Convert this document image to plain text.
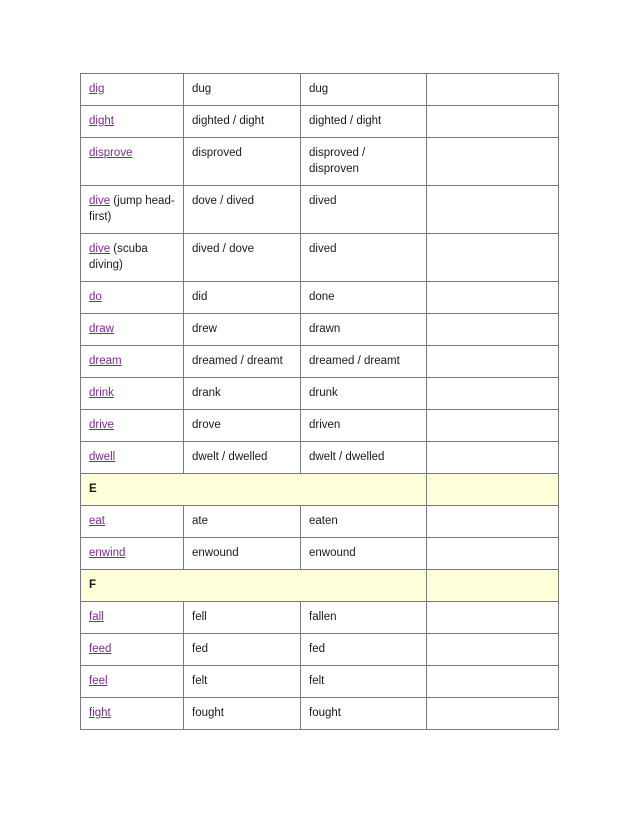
dig	dug	dug	
dight	dighted / dight	dighted / dight	
disprove	disproved	disproved / disproven	
dive (jump head-first)	dove / dived	dived	
dive (scuba diving)	dived / dove	dived	
do	did	done	
draw	drew	drawn	
dream	dreamed / dreamt	dreamed / dreamt	
drink	drank	drunk	
drive	drove	driven	
dwell	dwelt / dwelled	dwelt / dwelled	
E			
eat	ate	eaten	
enwind	enwound	enwound	
F			
fall	fell	fallen	
feed	fed	fed	
feel	felt	felt	
fight	fought	fought	
